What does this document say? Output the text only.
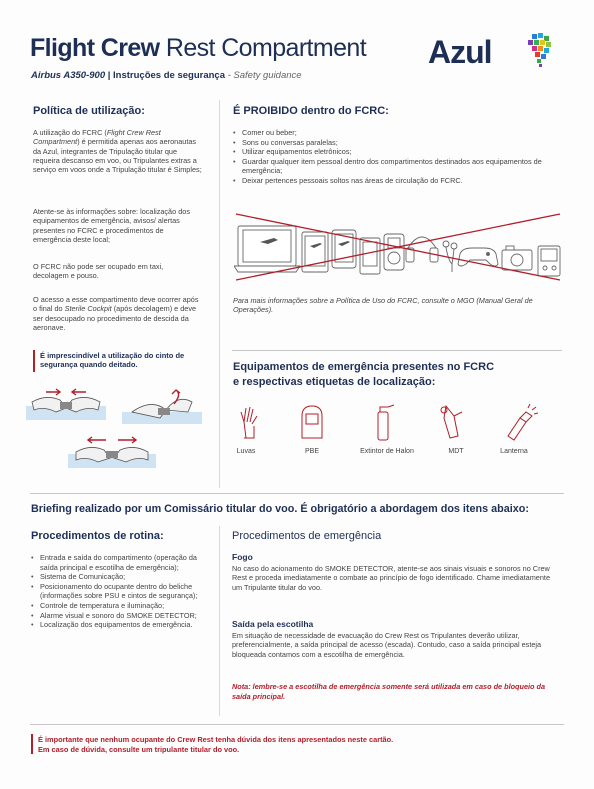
Flight Crew Rest Compartment
Airbus A350-900 | Instruções de segurança - Safety guidance
Azul
Política de utilização:
A utilização do FCRC (Flight Crew Rest Compartment) é permitida apenas aos aeronautas da Azul, integrantes de Tripulação titular que requeira descanso em voo, ou Tripulantes extras a serviço em voos onde a Tripulação titular é Simples;
Atente-se às informações sobre: localização dos equipamentos de emergência, avisos/ alertas presentes no FCRC e procedimentos de emergência deste local;
O FCRC não pode ser ocupado em taxi, decolagem e pouso.
O acesso a esse compartimento deve ocorrer após o final do Sterile Cockpit (após decolagem) e deve ser desocupado no procedimento de descida da aeronave.
É imprescindível a utilização do cinto de segurança quando deitado.
É PROIBIDO dentro do FCRC:
• Comer ou beber;
• Sons ou conversas paralelas;
• Utilizar equipamentos eletrônicos;
• Guardar qualquer item pessoal dentro dos compartimentos destinados aos equipamentos de emergência;
• Deixar pertences pessoais soltos nas áreas de circulação do FCRC.
Para mais informações sobre a Política de Uso do FCRC, consulte o MGO (Manual Geral de Operações).
Equipamentos de emergência presentes no FCRC
e respectivas etiquetas de localização:
Luvas	PBE	Extintor de Halon	MDT	Lanterna
Briefing realizado por um Comissário titular do voo. É obrigatório a abordagem dos itens abaixo:
Procedimentos de rotina:
• Entrada e saída do compartimento (operação da saída principal e escotilha de emergência);
• Sistema de Comunicação;
• Posicionamento do ocupante dentro do beliche (informações sobre PSU e cintos de segurança);
• Controle de temperatura e iluminação;
• Alarme visual e sonoro do SMOKE DETECTOR;
• Localização dos equipamentos de emergência.
Procedimentos de emergência
Fogo
No caso do acionamento do SMOKE DETECTOR, atente-se aos sinais visuais e sonoros no Crew Rest e proceda imediatamente o combate ao princípio de fogo identificado. Chame imediatamente um Tripulante titular do voo.
Saída pela escotilha
Em situação de necessidade de evacuação do Crew Rest os Tripulantes deverão utilizar, preferencialmente, a saída principal de acesso (escada). Contudo, caso a saída principal esteja bloqueada contamos com a escotilha de emergência.
Nota: lembre-se a escotilha de emergência somente será utilizada em caso de bloqueio da saída principal.
É importante que nenhum ocupante do Crew Rest tenha dúvida dos itens apresentados neste cartão.
Em caso de dúvida, consulte um tripulante titular do voo.
